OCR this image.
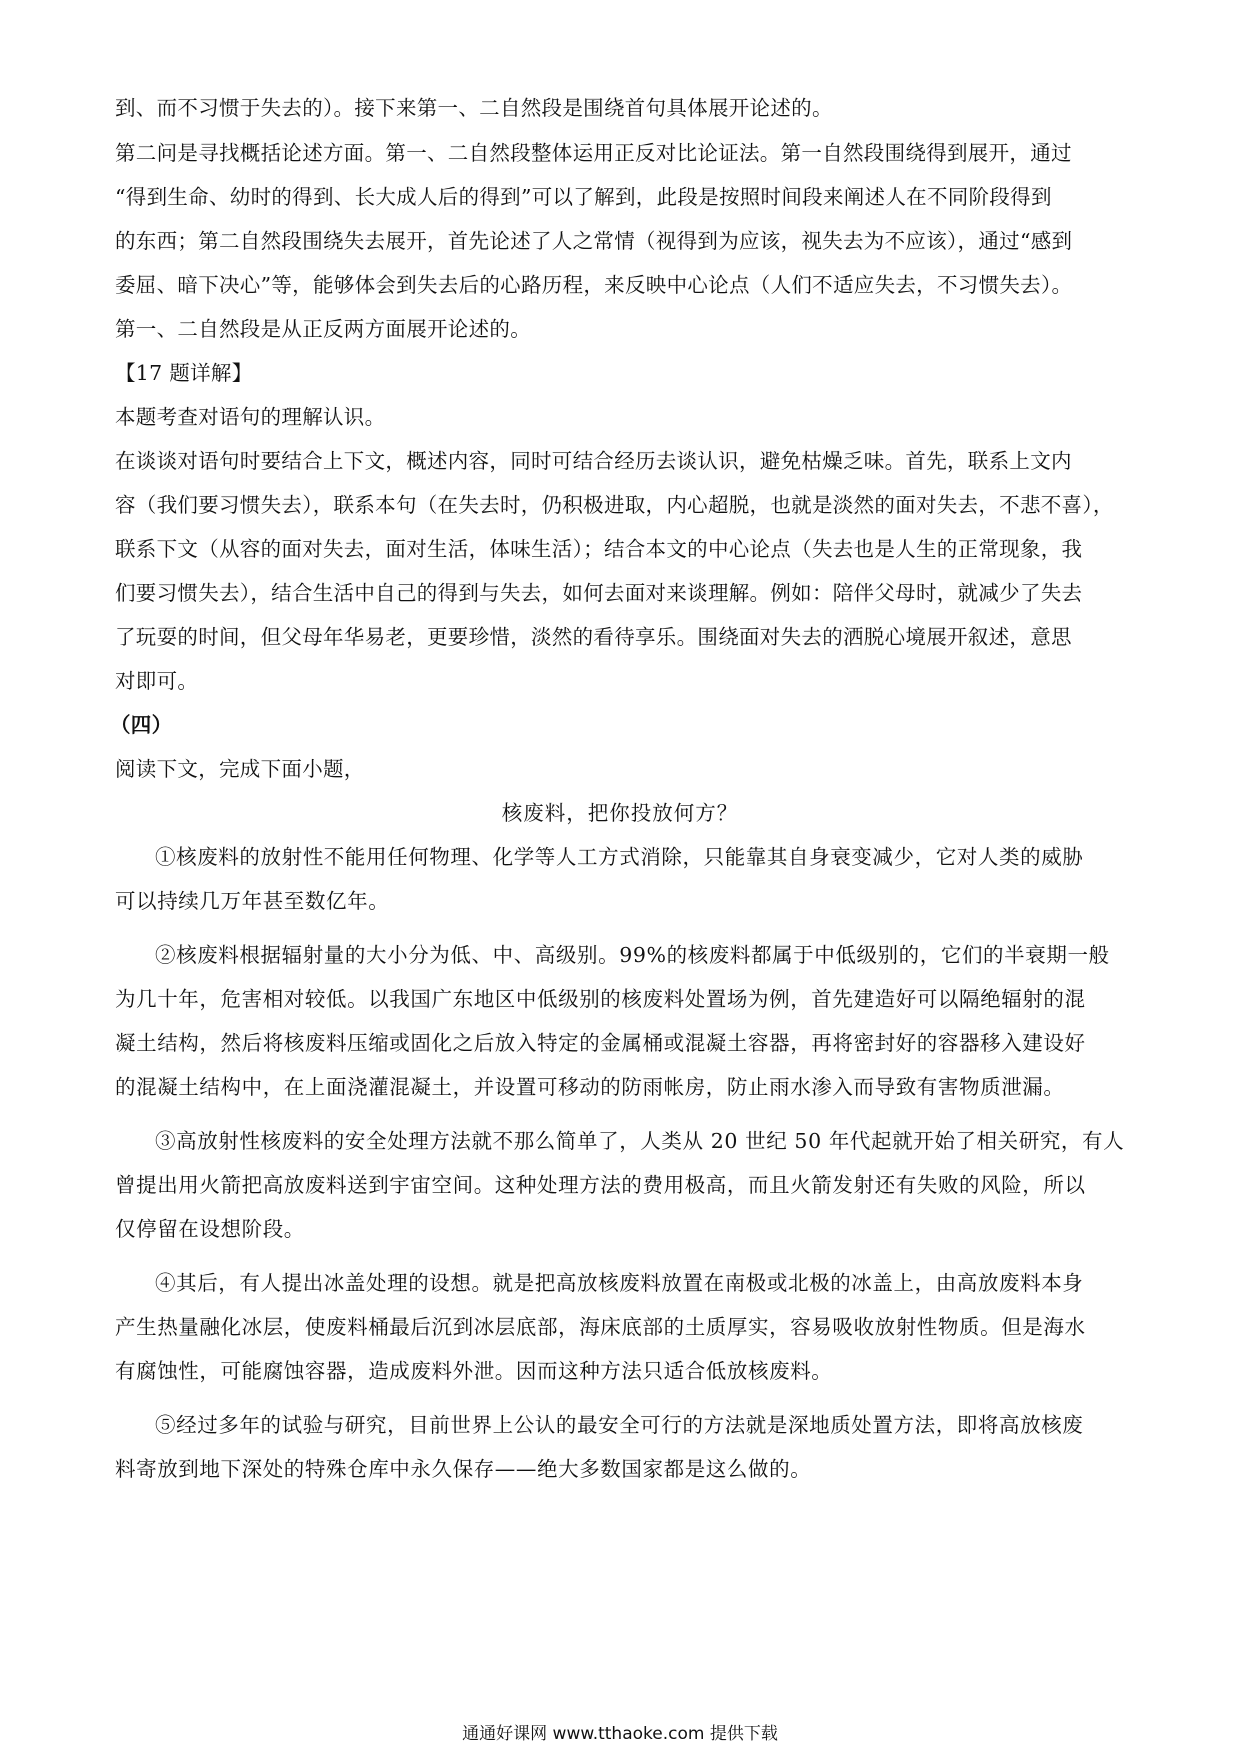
到、而不习惯于失去的）。接下来第一、二自然段是围绕首句具体展开论述的。
第二问是寻找概括论述方面。第一、二自然段整体运用正反对比论证法。第一自然段围绕得到展开，通过
“得到生命、幼时的得到、长大成人后的得到”可以了解到，此段是按照时间段来阐述人在不同阶段得到
的东西；第二自然段围绕失去展开，首先论述了人之常情（视得到为应该，视失去为不应该），通过“感到
委屈、暗下决心”等，能够体会到失去后的心路历程，来反映中心论点（人们不适应失去，不习惯失去）。
第一、二自然段是从正反两方面展开论述的。
【17 题详解】
本题考查对语句的理解认识。
在谈谈对语句时要结合上下文，概述内容，同时可结合经历去谈认识，避免枯燥乏味。首先，联系上文内
容（我们要习惯失去），联系本句（在失去时，仍积极进取，内心超脱，也就是淡然的面对失去，不悲不喜），
联系下文（从容的面对失去，面对生活，体味生活）；结合本文的中心论点（失去也是人生的正常现象，我
们要习惯失去），结合生活中自己的得到与失去，如何去面对来谈理解。例如：陪伴父母时，就减少了失去
了玩耍的时间，但父母年华易老，更要珍惜，淡然的看待享乐。围绕面对失去的洒脱心境展开叙述，意思
对即可。
（四）
阅读下文，完成下面小题，
核废料，把你投放何方？
①核废料的放射性不能用任何物理、化学等人工方式消除，只能靠其自身衰变减少，它对人类的威胁
可以持续几万年甚至数亿年。
②核废料根据辐射量的大小分为低、中、高级别。99%的核废料都属于中低级别的，它们的半衰期一般
为几十年，危害相对较低。以我国广东地区中低级别的核废料处置场为例，首先建造好可以隔绝辐射的混
凝土结构，然后将核废料压缩或固化之后放入特定的金属桶或混凝土容器，再将密封好的容器移入建设好
的混凝土结构中，在上面浇灌混凝土，并设置可移动的防雨帐房，防止雨水渗入而导致有害物质泄漏。
③高放射性核废料的安全处理方法就不那么简单了，人类从 20 世纪 50 年代起就开始了相关研究，有人
曾提出用火箭把高放废料送到宇宙空间。这种处理方法的费用极高，而且火箭发射还有失败的风险，所以
仅停留在设想阶段。
④其后，有人提出冰盖处理的设想。就是把高放核废料放置在南极或北极的冰盖上，由高放废料本身
产生热量融化冰层，使废料桶最后沉到冰层底部，海床底部的土质厚实，容易吸收放射性物质。但是海水
有腐蚀性，可能腐蚀容器，造成废料外泄。因而这种方法只适合低放核废料。
⑤经过多年的试验与研究，目前世界上公认的最安全可行的方法就是深地质处置方法，即将高放核废
料寄放到地下深处的特殊仓库中永久保存——绝大多数国家都是这么做的。
通通好课网 www.tthaoke.com 提供下载
